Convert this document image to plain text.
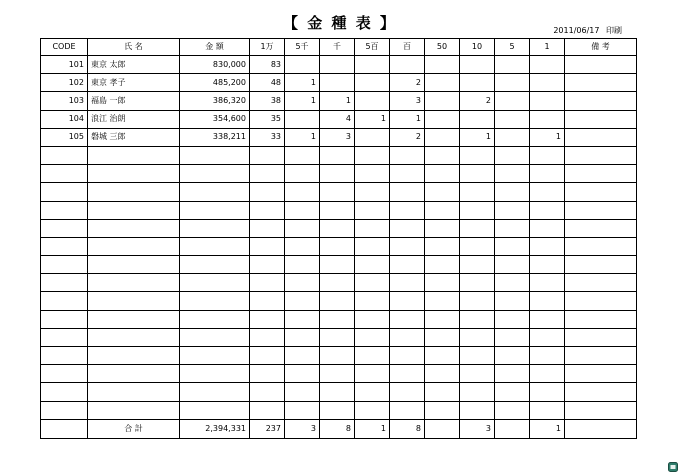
【 金 種 表 】	2011/06/17 印刷
CODE	氏 名	金 額	1万	5千	千	5百	百	50	10	5	1	備 考
101	東京 太郎	830,000	83									
102	東京 孝子	485,200	48	1			2					
103	福島 一郎	386,320	38	1	1		3		2			
104	浪江 治朗	354,600	35		4	1	1					
105	磐城 三郎	338,211	33	1	3		2		1		1	

	合 計	2,394,331	237	3	8	1	8		3		1	
